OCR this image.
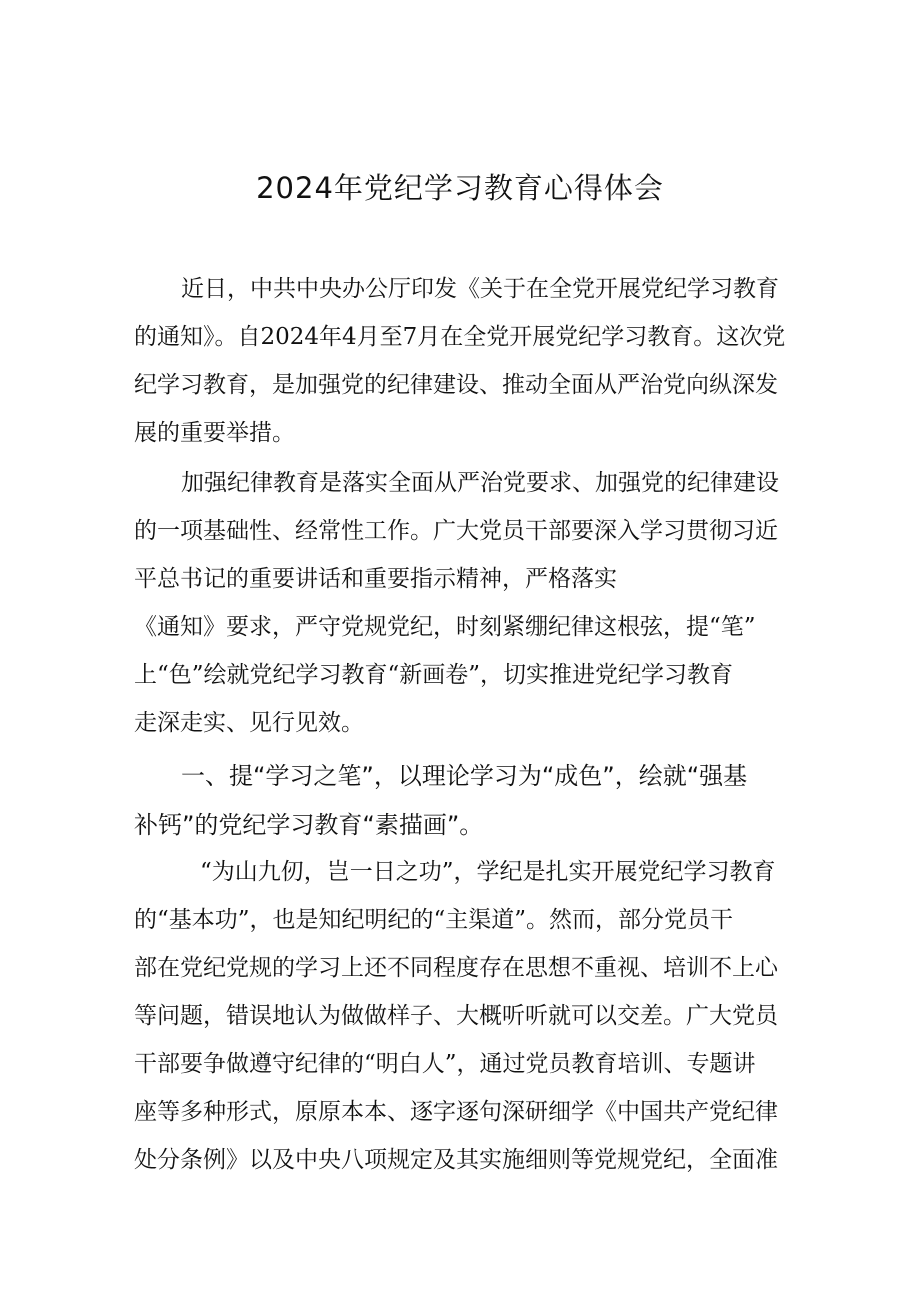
2024年党纪学习教育心得体会
近日，中共中央办公厅印发《关于在全党开展党纪学习教育
的通知》。自2024年4月至7月在全党开展党纪学习教育。这次党
纪学习教育，是加强党的纪律建设、推动全面从严治党向纵深发
展的重要举措。
加强纪律教育是落实全面从严治党要求、加强党的纪律建设
的一项基础性、经常性工作。广大党员干部要深入学习贯彻习近
平总书记的重要讲话和重要指示精神，严格落实
《通知》要求，严守党规党纪，时刻紧绷纪律这根弦，提“笔”
上“色”绘就党纪学习教育“新画卷”，切实推进党纪学习教育
走深走实、见行见效。
一、提“学习之笔”，以理论学习为“成色”，绘就“强基
补钙”的党纪学习教育“素描画”。
“为山九仞，岂一日之功”，学纪是扎实开展党纪学习教育
的“基本功”，也是知纪明纪的“主渠道”。然而，部分党员干
部在党纪党规的学习上还不同程度存在思想不重视、培训不上心
等问题，错误地认为做做样子、大概听听就可以交差。广大党员
干部要争做遵守纪律的“明白人”，通过党员教育培训、专题讲
座等多种形式，原原本本、逐字逐句深研细学《中国共产党纪律
处分条例》以及中央八项规定及其实施细则等党规党纪，全面准
